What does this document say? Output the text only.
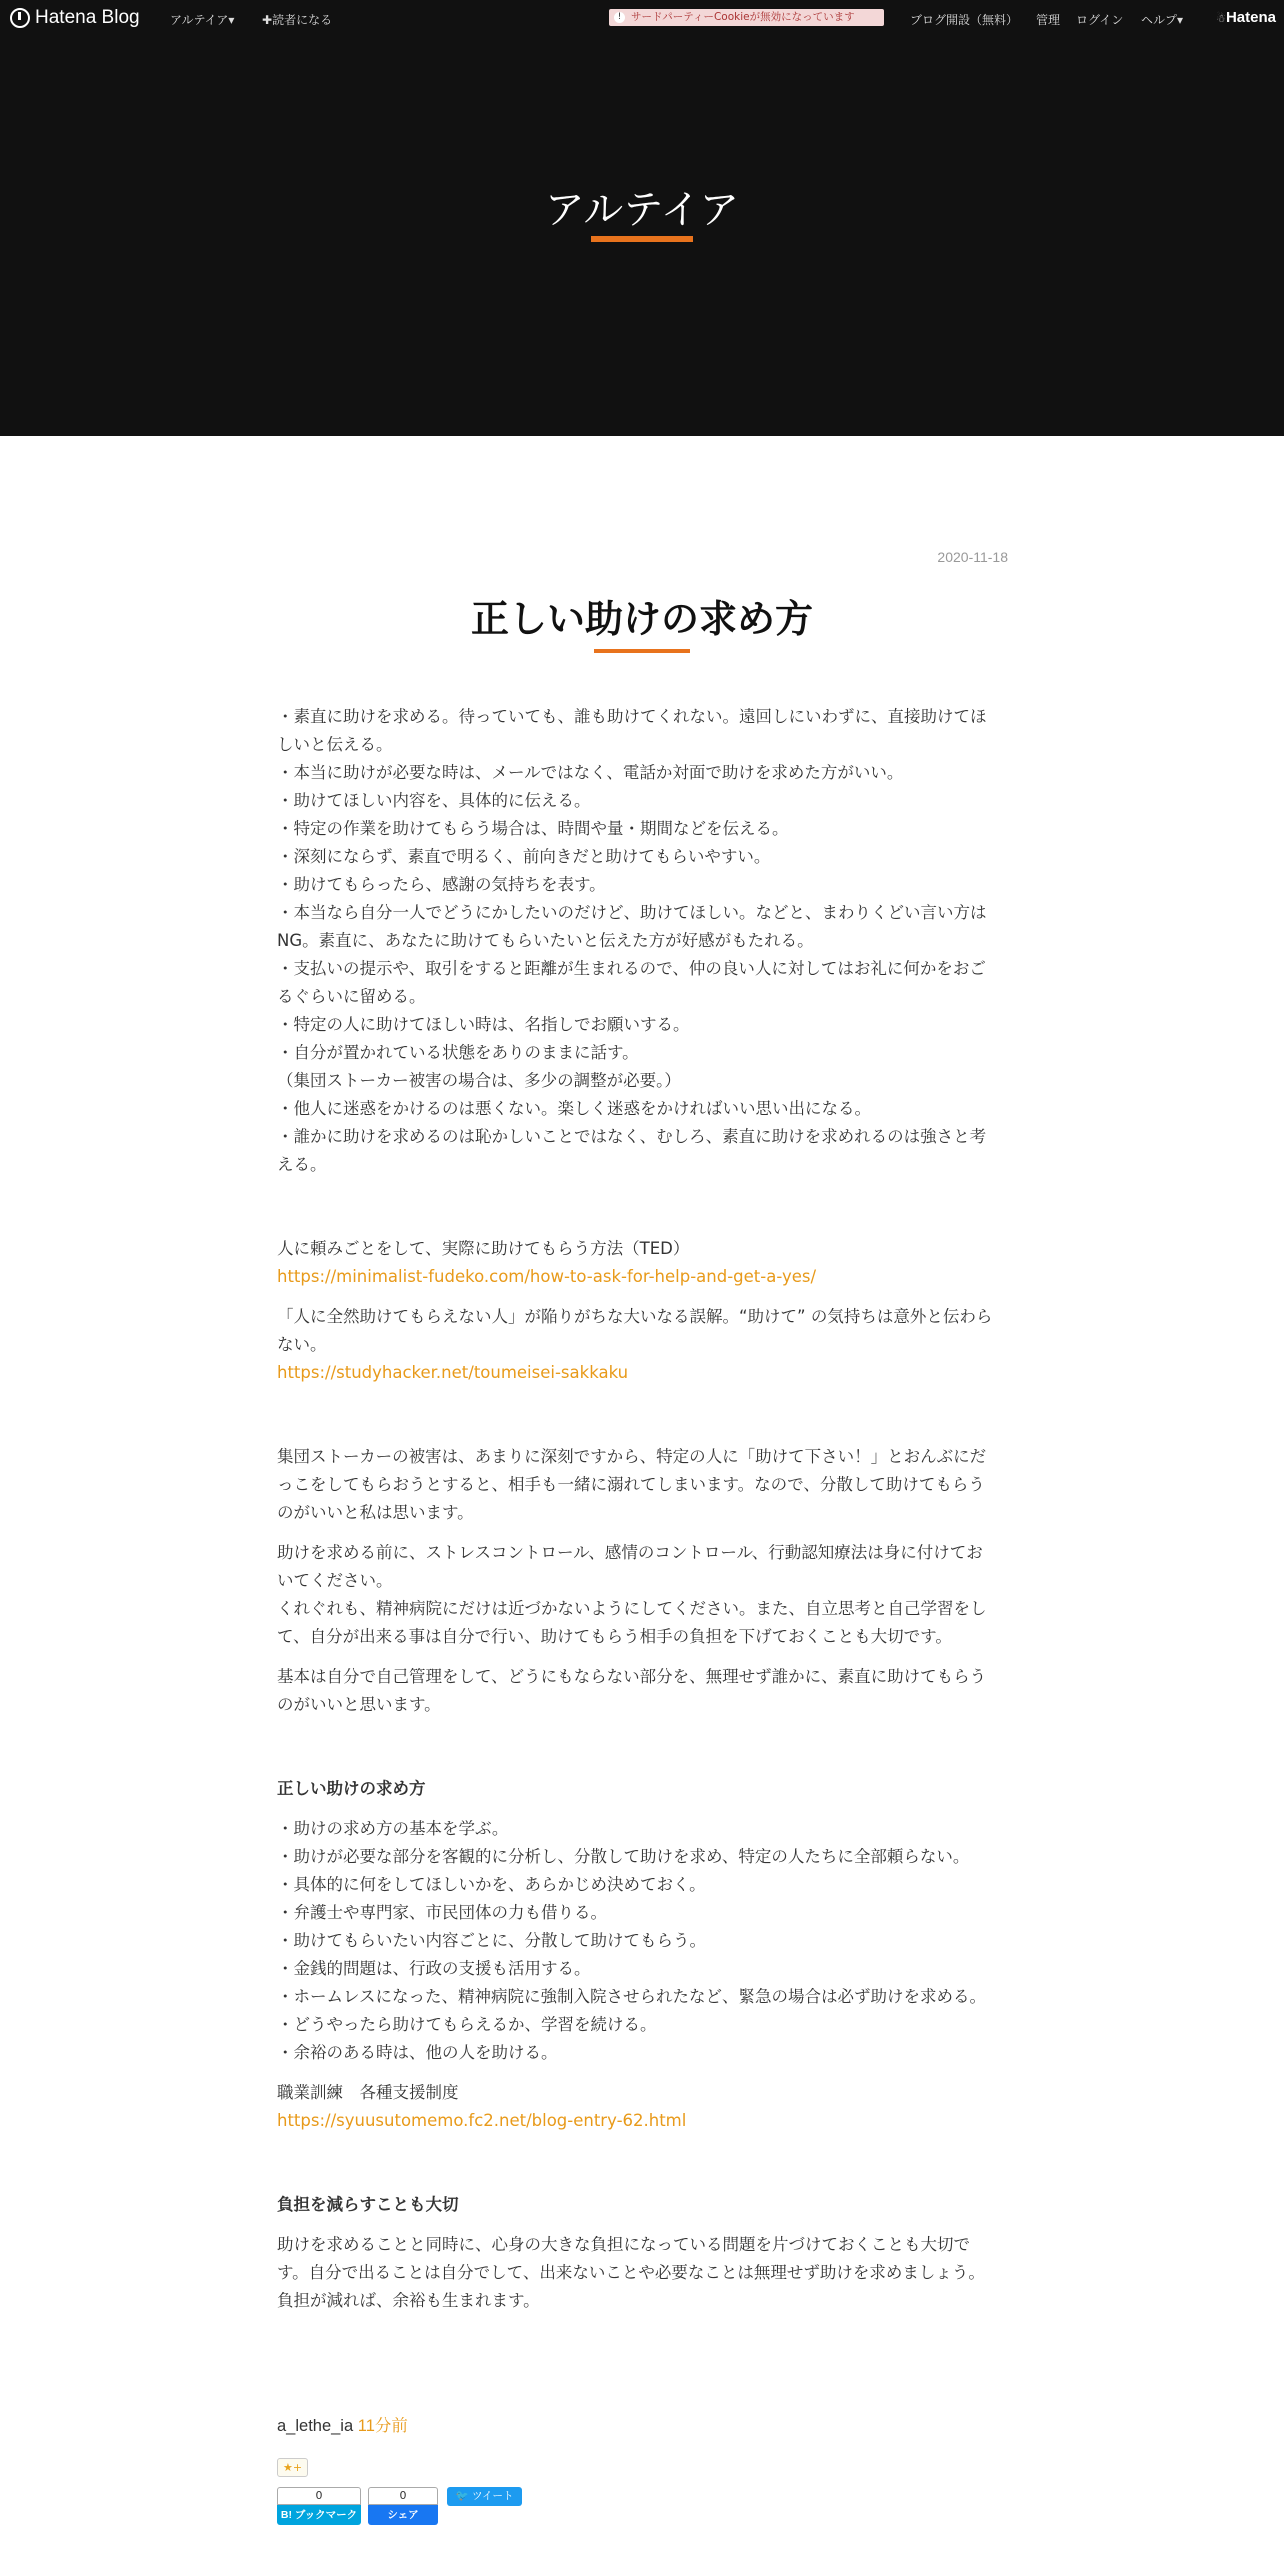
Hatena Blog	アルテイア▾ ✚読者になる	! サードパーティーCookieが無効になっています	ブログ開設（無料） 管理 ログイン ヘルプ▾	☃Hatena
アルテイア
2020-11-18
正しい助けの求め方

・素直に助けを求める。待っていても、誰も助けてくれない。遠回しにいわずに、直接助けてほしいと伝える。
・本当に助けが必要な時は、メールではなく、電話か対面で助けを求めた方がいい。
・助けてほしい内容を、具体的に伝える。
・特定の作業を助けてもらう場合は、時間や量・期間などを伝える。
・深刻にならず、素直で明るく、前向きだと助けてもらいやすい。
・助けてもらったら、感謝の気持ちを表す。
・本当なら自分一人でどうにかしたいのだけど、助けてほしい。などと、まわりくどい言い方はNG。素直に、あなたに助けてもらいたいと伝えた方が好感がもたれる。
・支払いの提示や、取引をすると距離が生まれるので、仲の良い人に対してはお礼に何かをおごるぐらいに留める。
・特定の人に助けてほしい時は、名指しでお願いする。
・自分が置かれている状態をありのままに話す。
（集団ストーカー被害の場合は、多少の調整が必要。）
・他人に迷惑をかけるのは悪くない。楽しく迷惑をかければいい思い出になる。
・誰かに助けを求めるのは恥かしいことではなく、むしろ、素直に助けを求めれるのは強さと考える。

人に頼みごとをして、実際に助けてもらう方法（TED）

https://minimalist-fudeko.com/how-to-ask-for-help-and-get-a-yes/

「人に全然助けてもらえない人」が陥りがちな大いなる誤解。“助けて” の気持ちは意外と伝わらない。

https://studyhacker.net/toumeisei-sakkaku

集団ストーカーの被害は、あまりに深刻ですから、特定の人に「助けて下さい！」とおんぶにだっこをしてもらおうとすると、相手も一緒に溺れてしまいます。なので、分散して助けてもらうのがいいと私は思います。

助けを求める前に、ストレスコントロール、感情のコントロール、行動認知療法は身に付けておいてください。
くれぐれも、精神病院にだけは近づかないようにしてください。また、自立思考と自己学習をして、自分が出来る事は自分で行い、助けてもらう相手の負担を下げておくことも大切です。

基本は自分で自己管理をして、どうにもならない部分を、無理せず誰かに、素直に助けてもらうのがいいと思います。

正しい助けの求め方

・助けの求め方の基本を学ぶ。
・助けが必要な部分を客観的に分析し、分散して助けを求め、特定の人たちに全部頼らない。
・具体的に何をしてほしいかを、あらかじめ決めておく。
・弁護士や専門家、市民団体の力も借りる。
・助けてもらいたい内容ごとに、分散して助けてもらう。
・金銭的問題は、行政の支援も活用する。
・ホームレスになった、精神病院に強制入院させられたなど、緊急の場合は必ず助けを求める。
・どうやったら助けてもらえるか、学習を続ける。
・余裕のある時は、他の人を助ける。

職業訓練　各種支援制度

https://syuusutomemo.fc2.net/blog-entry-62.html

負担を減らすことも大切

助けを求めることと同時に、心身の大きな負担になっている問題を片づけておくことも大切です。自分で出ることは自分でして、出来ないことや必要なことは無理せず助けを求めましょう。負担が減れば、余裕も生まれます。

a_lethe_ia 11分前
★+
0
B! ブックマーク
0
シェア
🐦 ツイート
